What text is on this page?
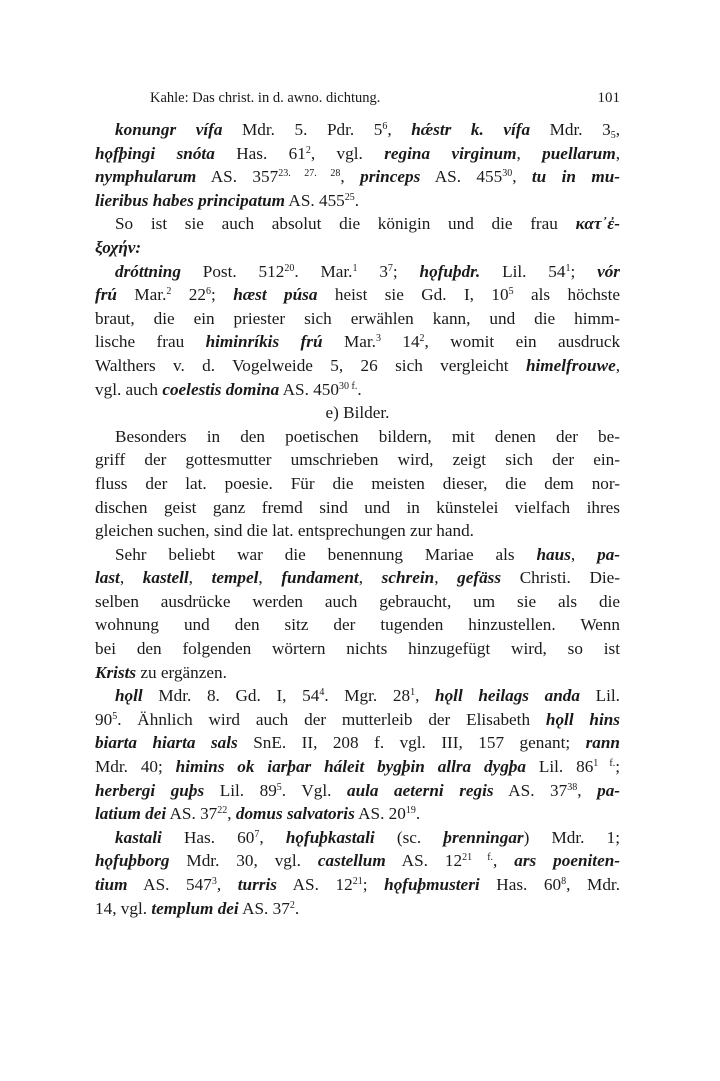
Kahle: Das christ. in d. awno. dichtung.	101
konungr vífa Mdr. 5. Pdr. $5^6$, hǽstr k. vífa Mdr. $3_5$,
hǫfþingi snóta Has. $61^2$, vgl. regina virginum, puellarum,
nymphularum AS. $357^{23. 27. 28}$, princeps AS. $455^{30}$, tu in mu-
lieribus habes principatum AS. $455^{25}$.
So ist sie auch absolut die königin und die frau κατ᾽ἐ-
ξοχήν:
dróttning Post. $512^{20}$. Mar.$^1$ $3^7$; hǫfuþdr. Lil. $54^1$; vór
frú Mar.$^2$ $22^6$; hæst púsa heist sie Gd. I, $10^5$ als höchste
braut, die ein priester sich erwählen kann, und die himm-
lische frau himinríkis frú Mar.$^3$ $14^2$, womit ein ausdruck
Walthers v. d. Vogelweide 5, 26 sich vergleicht himelfrouwe,
vgl. auch coelestis domina AS. $450^{30 f.}$.
e) Bilder.
Besonders in den poetischen bildern, mit denen der be-
griff der gottesmutter umschrieben wird, zeigt sich der ein-
fluss der lat. poesie. Für die meisten dieser, die dem nor-
dischen geist ganz fremd sind und in künstelei vielfach ihres
gleichen suchen, sind die lat. entsprechungen zur hand.
Sehr beliebt war die benennung Mariae als haus, pa-
last, kastell, tempel, fundament, schrein, gefäss Christi. Die-
selben ausdrücke werden auch gebraucht, um sie als die
wohnung und den sitz der tugenden hinzustellen. Wenn
bei den folgenden wörtern nichts hinzugefügt wird, so ist
Krists zu ergänzen.
hǫll Mdr. 8. Gd. I, $54^4$. Mgr. $28^1$, hǫll heilags anda Lil.
$90^5$. Ähnlich wird auch der mutterleib der Elisabeth hǫll hins
biarta hiarta sals SnE. II, 208 f. vgl. III, 157 genant; rann
Mdr. 40; himins ok iarþar háleit bygþin allra dygþa Lil. $86^{1 f.}$;
herbergi guþs Lil. $89^5$. Vgl. aula aeterni regis AS. $37^{38}$, pa-
latium dei AS. $37^{22}$, domus salvatoris AS. $20^{19}$.
kastali Has. $60^7$, hǫfuþkastali (sc. þrenningar) Mdr. 1;
hǫfuþborg Mdr. 30, vgl. castellum AS. $12^{21 f.}$, ars poeniten-
tium AS. $547^3$, turris AS. $12^{21}$; hǫfuþmusteri Has. $60^8$, Mdr.
14, vgl. templum dei AS. $37^2$.
